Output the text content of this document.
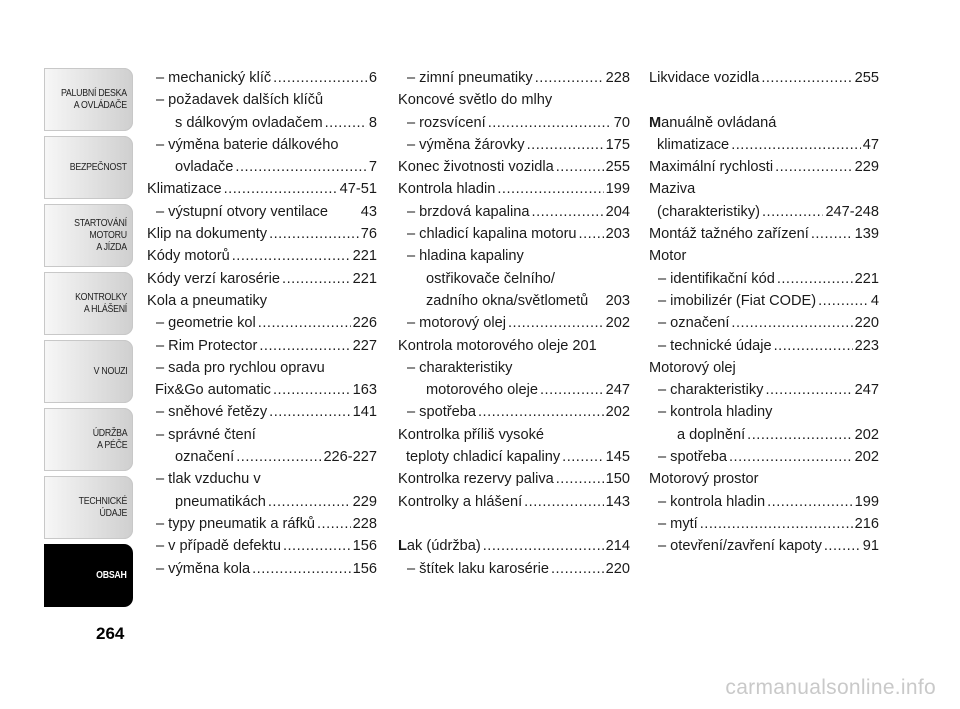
PALUBNÍ DESKA
A OVLÁDAČE
BEZPEČNOST
STARTOVÁNÍ
MOTORU
A JÍZDA
KONTROLKY
A HLÁŠENÍ
V NOUZI
ÚDRŽBA
A PÉČE
TECHNICKÉ
ÚDAJE
OBSAH
264
– mechanický klíč .....	6
– požadavek dalších klíčů
s dálkovým ovladačem .....	8
– výměna baterie dálkového
ovladače .....	7
Klimatizace .....	47-51
– výstupní otvory ventilace 43
Klip na dokumenty .....	76
Kódy motorů .....	221
Kódy verzí karosérie .....	221
Kola a pneumatiky
– geometrie kol .....	226
– Rim Protector .....	227
– sada pro rychlou opravu
Fix&Go automatic .....	163
– sněhové řetězy .....	141
– správné čtení
označení .....	226-227
– tlak vzduchu v
pneumatikách .....	229
– typy pneumatik a ráfků .....	228
– v případě defektu .....	156
– výměna kola .....	156
– zimní pneumatiky .....	228
Koncové světlo do mlhy
– rozsvícení .....	70
– výměna žárovky .....	175
Konec životnosti vozidla .....	255
Kontrola hladin .....	199
– brzdová kapalina .....	204
– chladicí kapalina motoru ..... 203
– hladina kapaliny
ostřikovače čelního/
zadního okna/světlometů 203
– motorový olej .....	202
Kontrola motorového oleje 201
– charakteristiky
motorového oleje .....	247
– spotřeba .....	202
Kontrolka příliš vysoké
teploty chladicí kapaliny .....	145
Kontrolka rezervy paliva .....	150
Kontrolky a hlášení .....	143
Lak (údržba) .....	214
– štítek laku karosérie .....	220
Likvidace vozidla .....	255
Manuálně ovládaná
klimatizace .....	47
Maximální rychlosti .....	229
Maziva
(charakteristiky) .....	247-248
Montáž tažného zařízení .....	139
Motor
– identifikační kód .....	221
– imobilizér (Fiat CODE) .....	4
– označení .....	220
– technické údaje .....	223
Motorový olej
– charakteristiky .....	247
– kontrola hladiny
a doplnění .....	202
– spotřeba .....	202
Motorový prostor
– kontrola hladin .....	199
– mytí .....	216
– otevření/zavření kapoty .....	91
carmanualsonline.info
